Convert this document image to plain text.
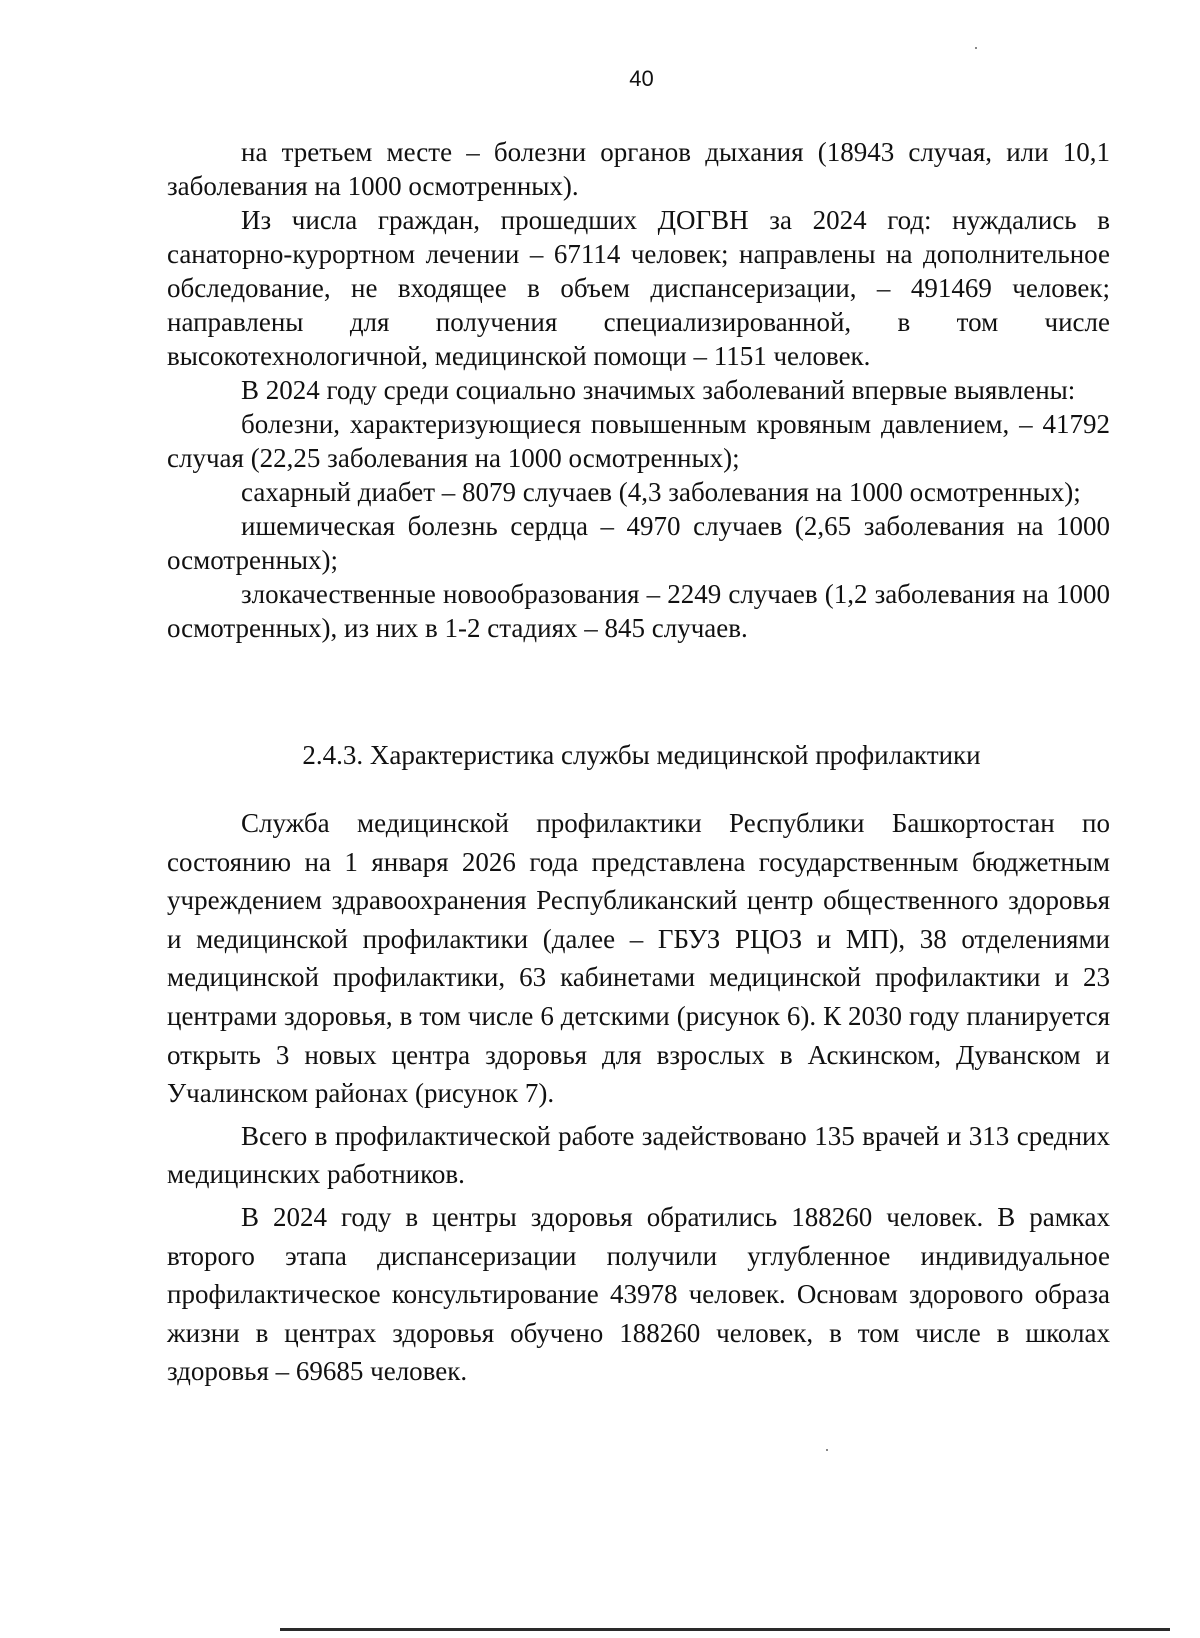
40

на третьем месте – болезни органов дыхания (18943 случая, или 10,1 заболевания на 1000 осмотренных).

Из числа граждан, прошедших ДОГВН за 2024 год: нуждались в санаторно-курортном лечении – 67114 человек; направлены на дополнительное обследование, не входящее в объем диспансеризации, – 491469 человек; направлены для получения специализированной, в том числе высокотехнологичной, медицинской помощи – 1151 человек.

В 2024 году среди социально значимых заболеваний впервые выявлены:

болезни, характеризующиеся повышенным кровяным давлением, – 41792 случая (22,25 заболевания на 1000 осмотренных);

сахарный диабет – 8079 случаев (4,3 заболевания на 1000 осмотренных);

ишемическая болезнь сердца – 4970 случаев (2,65 заболевания на 1000 осмотренных);

злокачественные новообразования – 2249 случаев (1,2 заболевания на 1000 осмотренных), из них в 1-2 стадиях – 845 случаев.

2.4.3. Характеристика службы медицинской профилактики

Служба медицинской профилактики Республики Башкортостан по состоянию на 1 января 2026 года представлена государственным бюджетным учреждением здравоохранения Республиканский центр общественного здоровья и медицинской профилактики (далее – ГБУЗ РЦОЗ и МП), 38 отделениями медицинской профилактики, 63 кабинетами медицинской профилактики и 23 центрами здоровья, в том числе 6 детскими (рисунок 6). К 2030 году планируется открыть 3 новых центра здоровья для взрослых в Аскинском, Дуванском и Учалинском районах (рисунок 7).

Всего в профилактической работе задействовано 135 врачей и 313 средних медицинских работников.

В 2024 году в центры здоровья обратились 188260 человек. В рамках второго этапа диспансеризации получили углубленное индивидуальное профилактическое консультирование 43978 человек. Основам здорового образа жизни в центрах здоровья обучено 188260 человек, в том числе в школах здоровья – 69685 человек.
